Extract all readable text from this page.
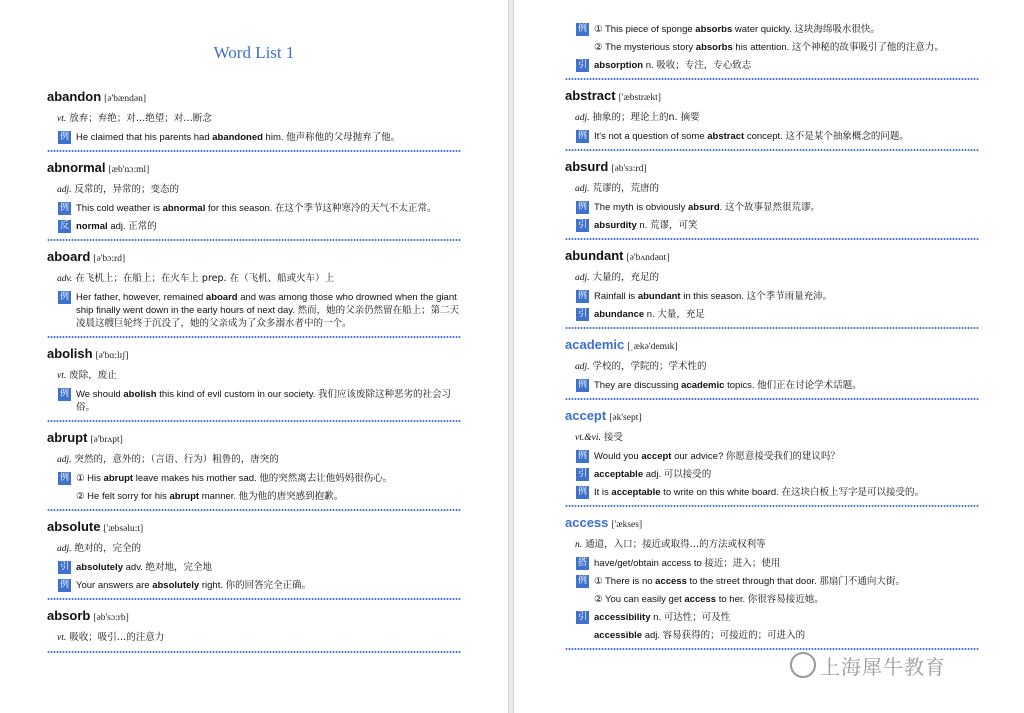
Word List 1
abandon [ə'bændən]
vt. 放弃；弃绝；对…绝望；对…断念
例 He claimed that his parents had abandoned him. 他声称他的父母抛弃了他。
abnormal [æb'nɔ:ml]
adj. 反常的，异常的；变态的
例 This cold weather is abnormal for this season. 在这个季节这种寒冷的天气不太正常。
反 normal adj. 正常的
aboard [ə'bɔ:rd]
adv. 在飞机上；在船上；在火车上 prep. 在（飞机、船或火车）上
例 Her father, however, remained aboard and was among those who drowned when the giant ship finally went down in the early hours of next day. 然而，她的父亲仍然留在船上；第二天凌晨这艘巨轮终于沉没了，她的父亲成为了众多溺水者中的一个。
abolish [ə'bɑ:lɪʃ]
vt. 废除，废止
例 We should abolish this kind of evil custom in our society. 我们应该废除这种恶劣的社会习俗。
abrupt [ə'brʌpt]
adj. 突然的，意外的；（言语、行为）粗鲁的，唐突的
例 ① His abrupt leave makes his mother sad. 他的突然离去让他妈妈很伤心。
② He felt sorry for his abrupt manner. 他为他的唐突感到抱歉。
absolute ['æbsəlu:t]
adj. 绝对的，完全的
引 absolutely adv. 绝对地，完全地
例 Your answers are absolutely right. 你的回答完全正确。
absorb [əb'sɔ:rb]
vt. 吸收；吸引…的注意力
例 ① This piece of sponge absorbs water quickly. 这块海绵吸水很快。
② The mysterious story absorbs his attention. 这个神秘的故事吸引了他的注意力。
引 absorption n. 吸收；专注，专心致志
abstract ['æbstrækt]
adj. 抽象的；理论上的n. 摘要
例 It's not a question of some abstract concept. 这不是某个抽象概念的问题。
absurd [əb'sɜ:rd]
adj. 荒谬的，荒唐的
例 The myth is obviously absurd. 这个故事显然很荒谬。
引 absurdity n. 荒谬，可笑
abundant [ə'bʌndənt]
adj. 大量的，充足的
例 Rainfall is abundant in this season. 这个季节雨量充沛。
引 abundance n. 大量，充足
academic [ˌækə'demɪk]
adj. 学校的，学院的；学术性的
例 They are discussing academic topics. 他们正在讨论学术话题。
accept [ək'sept]
vt.&vi. 接受
例 Would you accept our advice? 你愿意接受我们的建议吗？
引 acceptable adj. 可以接受的
例 It is acceptable to write on this white board. 在这块白板上写字是可以接受的。
access ['ækses]
n. 通道，入口；接近或取得…的方法或权利等
搭 have/get/obtain access to 接近；进入；使用
例 ① There is no access to the street through that door. 那扇门不通向大街。
② You can easily get access to her. 你很容易接近她。
引 accessibility n. 可达性；可及性
accessible adj. 容易获得的；可接近的；可进入的
上海犀牛教育
